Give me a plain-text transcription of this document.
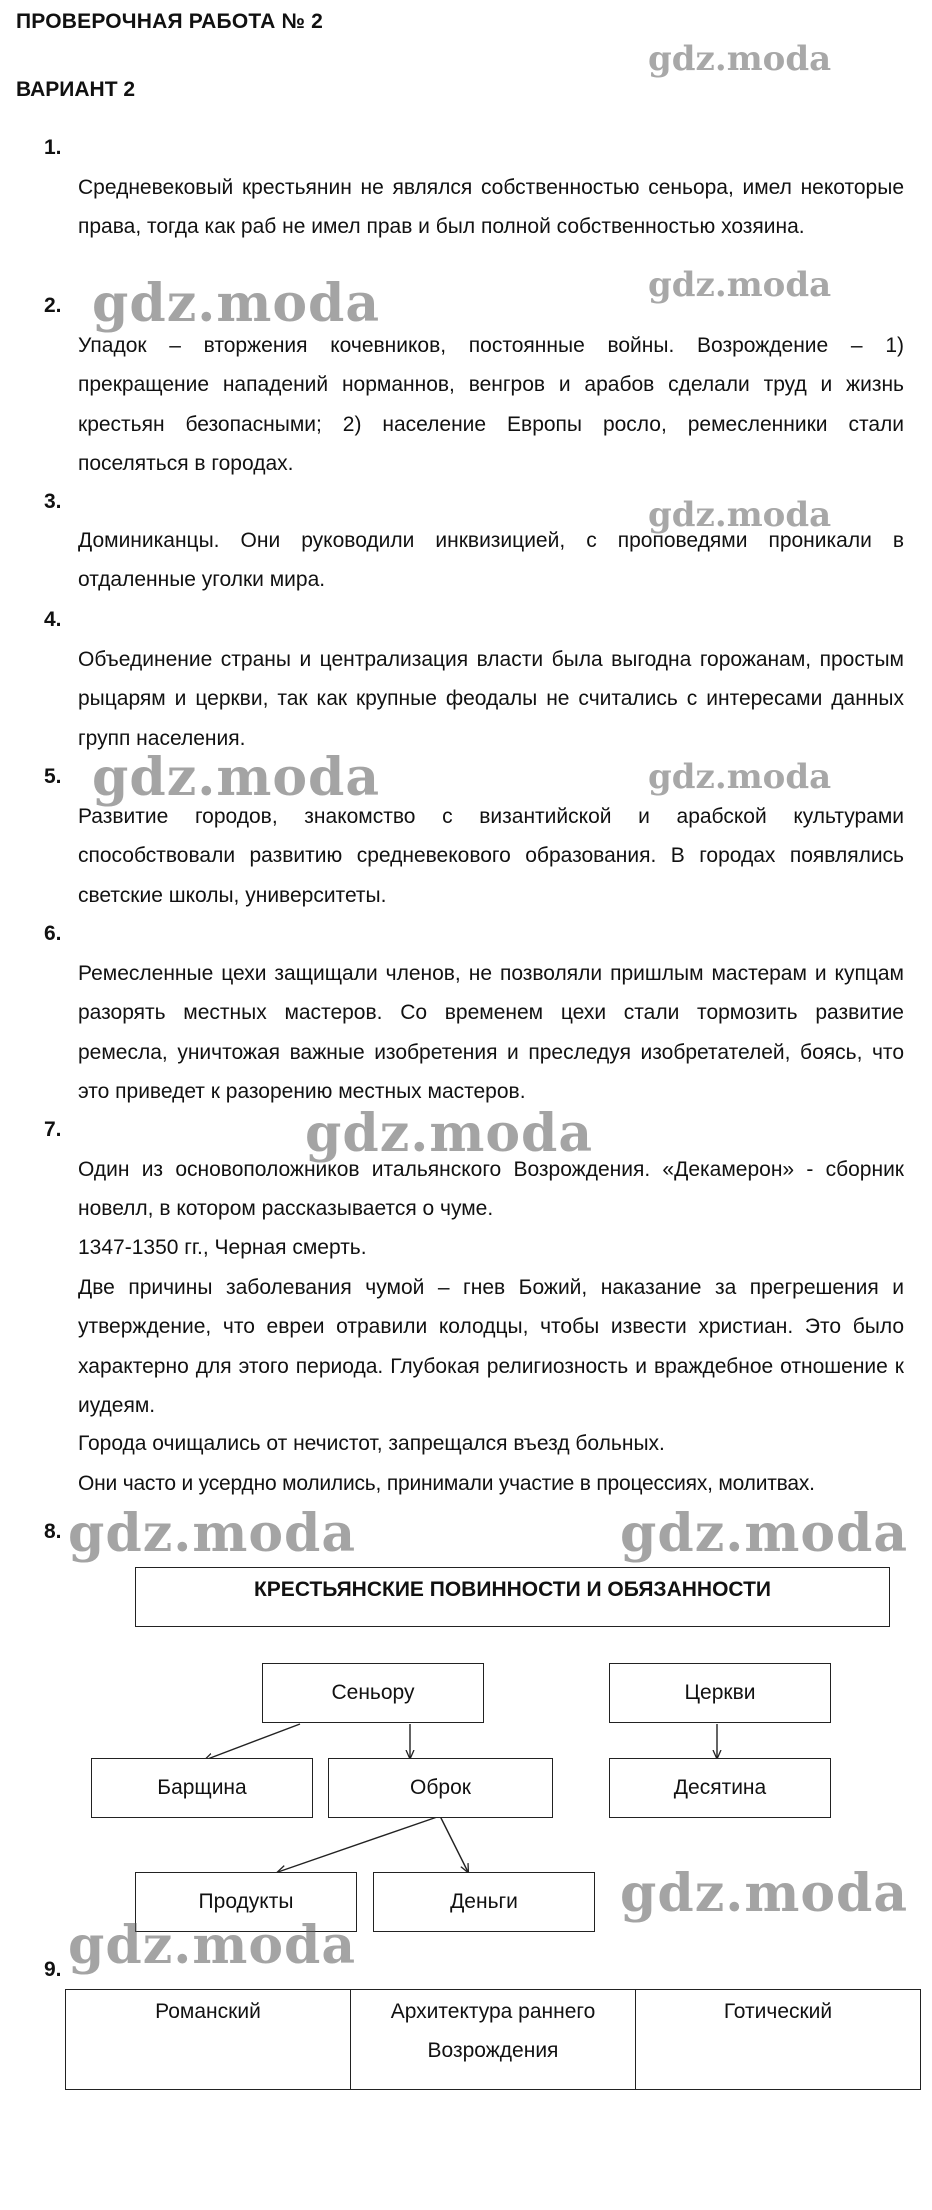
ПРОВЕРОЧНАЯ РАБОТА № 2
ВАРИАНТ 2
1.
Средневековый крестьянин не являлся собственностью сеньора, имел некоторые права, тогда как раб не имел прав и был полной собственностью хозяина.
2.
Упадок – вторжения кочевников, постоянные войны. Возрождение – 1) прекращение нападений норманнов, венгров и арабов сделали труд и жизнь крестьян безопасными; 2) население Европы росло, ремесленники стали поселяться в городах.
3.
Доминиканцы. Они руководили инквизицией, с проповедями проникали в отдаленные уголки мира.
4.
Объединение страны и централизация власти была выгодна горожанам, простым рыцарям и церкви, так как крупные феодалы не считались с интересами данных групп населения.
5.
Развитие городов, знакомство с византийской и арабской культурами способствовали развитию средневекового образования. В городах появлялись светские школы, университеты.
6.
Ремесленные цехи защищали членов, не позволяли пришлым мастерам и купцам разорять местных мастеров. Со временем цехи стали тормозить развитие ремесла, уничтожая важные изобретения и преследуя изобретателей, боясь, что это приведет к разорению местных мастеров.
7.
Один из основоположников итальянского Возрождения. «Декамерон» - сборник новелл, в котором рассказывается о чуме.
1347-1350 гг., Черная смерть.
Две причины заболевания чумой – гнев Божий, наказание за прегрешения и утверждение, что евреи отравили колодцы, чтобы извести христиан. Это было характерно для этого периода. Глубокая религиозность и враждебное отношение к иудеям.
Города очищались от нечистот, запрещался въезд больных.
Они часто и усердно молились, принимали участие в процессиях, молитвах.
8.
КРЕСТЬЯНСКИЕ ПОВИННОСТИ И ОБЯЗАННОСТИ
Сеньору	Церкви
Барщина	Оброк	Десятина
Продукты	Деньги
9.
Романский	Архитектура раннего Возрождения	Готический
gdz.moda
gdz.moda	gdz.moda
gdz.moda
gdz.moda	gdz.moda
gdz.moda
gdz.moda	gdz.moda
gdz.moda
gdz.moda
